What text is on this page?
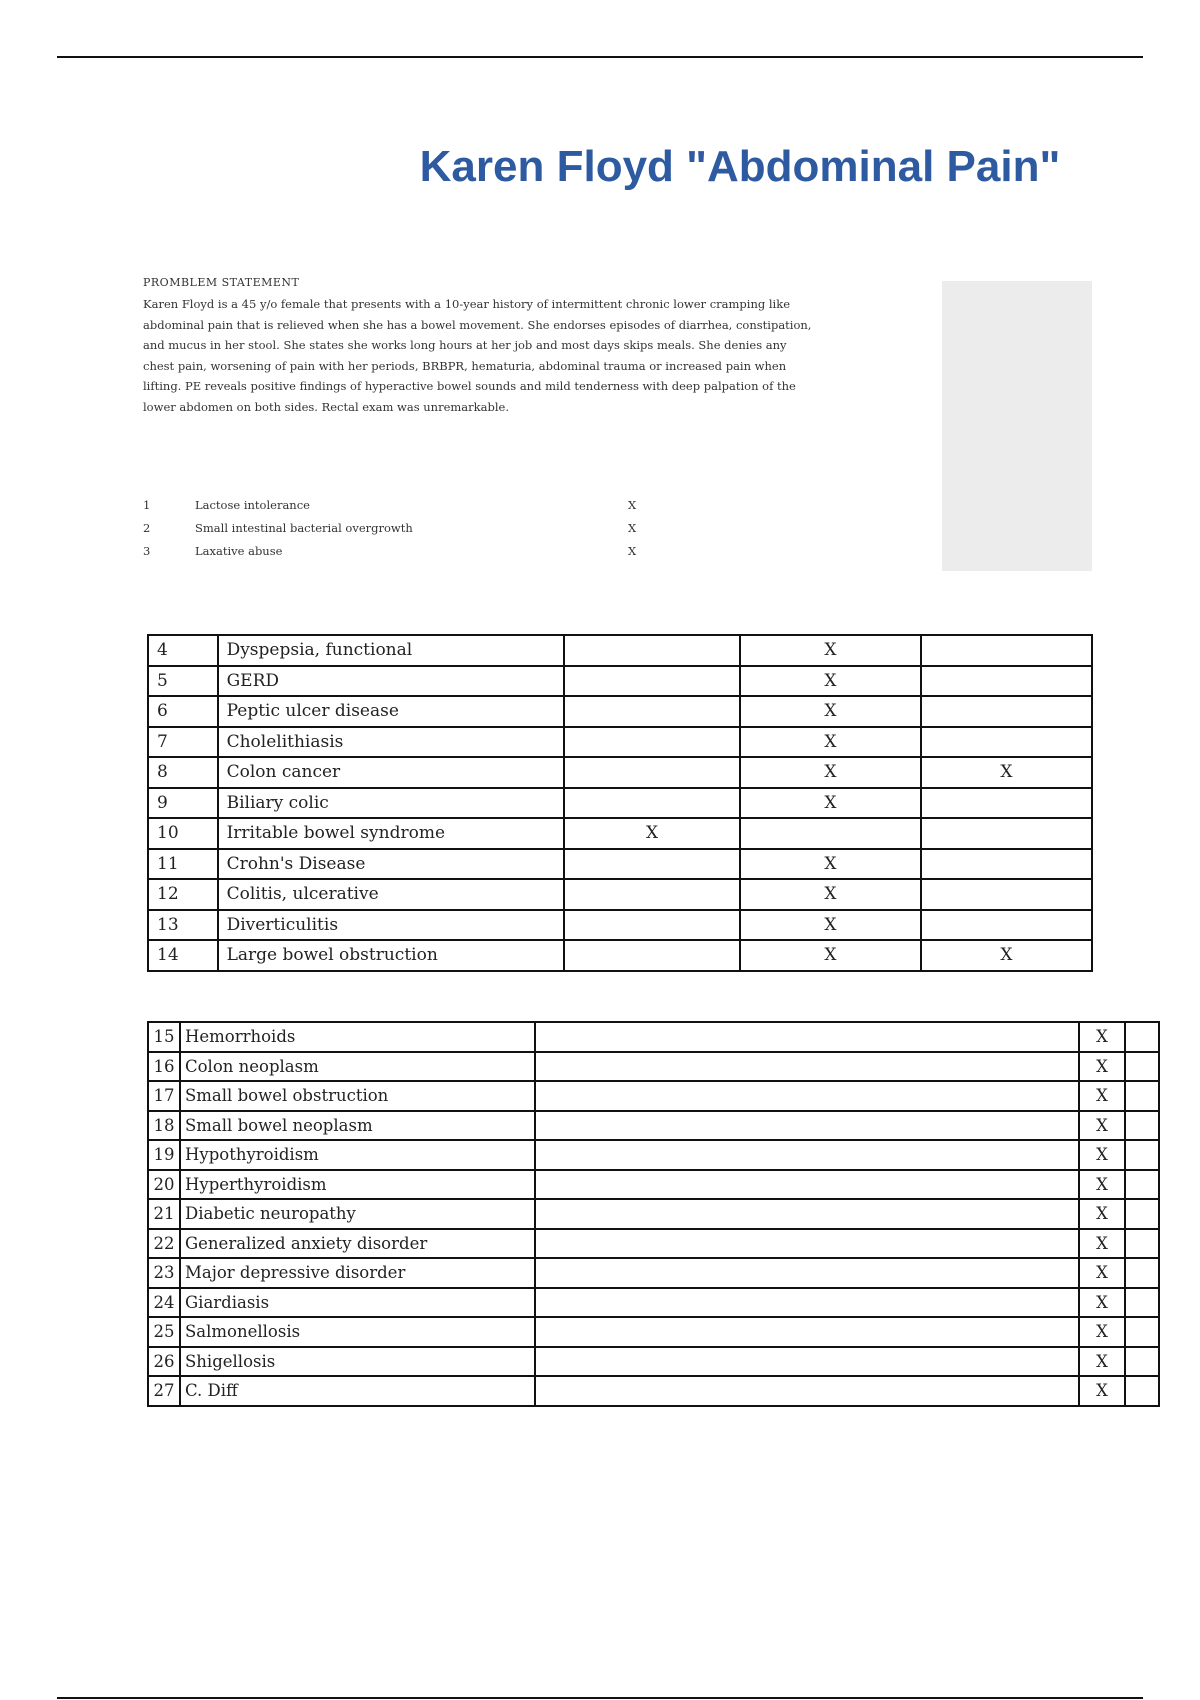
Karen Floyd "Abdominal Pain"

PROMBLEM STATEMENT

Karen Floyd is a 45 y/o female that presents with a 10-year history of intermittent chronic lower cramping like abdominal pain that is relieved when she has a bowel movement. She endorses episodes of diarrhea, constipation, and mucus in her stool. She states she works long hours at her job and most days skips meals. She denies any chest pain, worsening of pain with her periods, BRBPR, hematuria, abdominal trauma or increased pain when lifting. PE reveals positive findings of hyperactive bowel sounds and mild tenderness with deep palpation of the lower abdomen on both sides. Rectal exam was unremarkable.

1	Lactose intolerance	X
2	Small intestinal bacterial overgrowth	X
3	Laxative abuse	X
4	Dyspepsia, functional		X	
5	GERD		X	
6	Peptic ulcer disease		X	
7	Cholelithiasis		X	
8	Colon cancer		X	X
9	Biliary colic		X	
10	Irritable bowel syndrome	X		
11	Crohn's Disease		X	
12	Colitis, ulcerative		X	
13	Diverticulitis		X	
14	Large bowel obstruction		X	X
15	Hemorrhoids		X	
16	Colon neoplasm		X	
17	Small bowel obstruction		X	
18	Small bowel neoplasm		X	
19	Hypothyroidism		X	
20	Hyperthyroidism		X	
21	Diabetic neuropathy		X	
22	Generalized anxiety disorder		X	
23	Major depressive disorder		X	
24	Giardiasis		X	
25	Salmonellosis		X	
26	Shigellosis		X	
27	C. Diff		X	
